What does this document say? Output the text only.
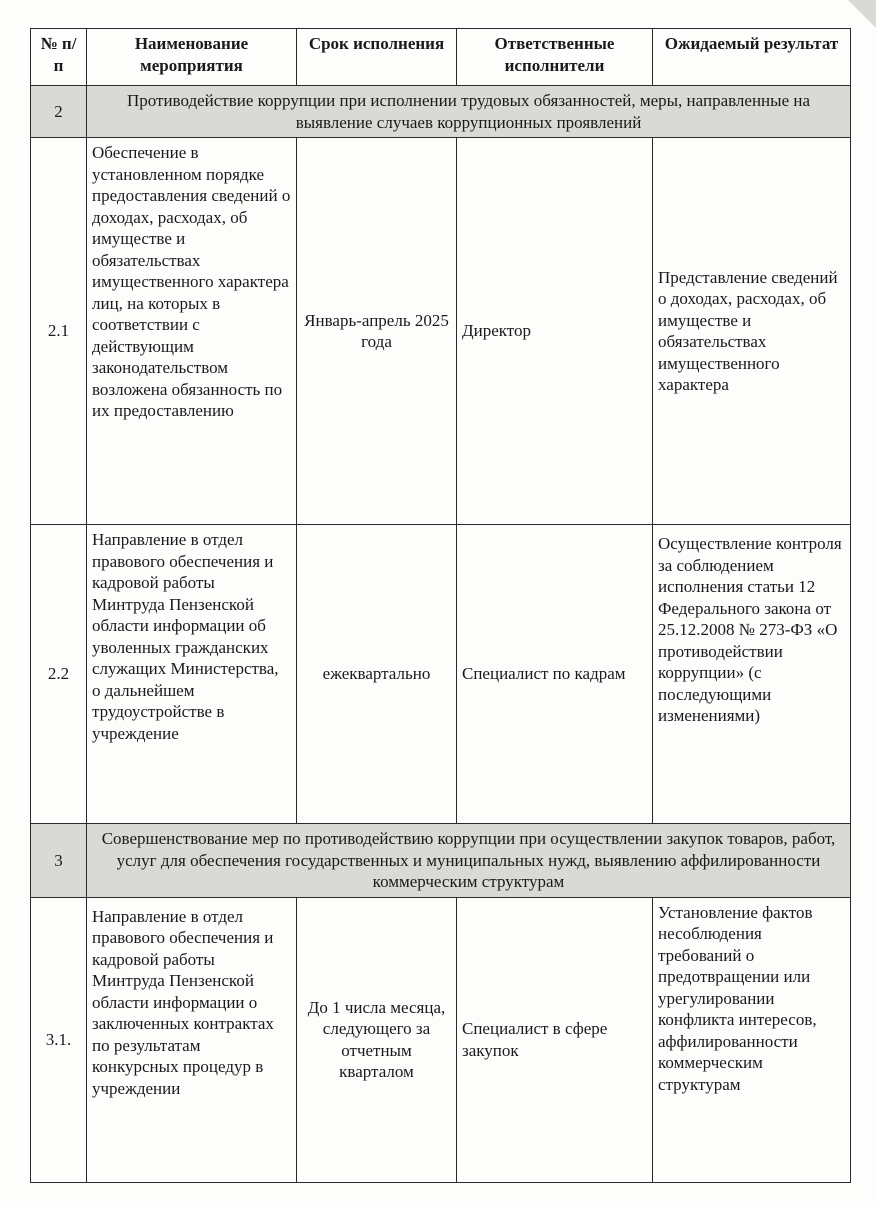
№ п/п	Наименование мероприятия	Срок исполнения	Ответственные исполнители	Ожидаемый результат
2	Противодействие коррупции при исполнении трудовых обязанностей, меры, направленные на выявление случаев коррупционных проявлений			
2.1	Обеспечение в установленном порядке предоставления сведений о доходах, расходах, об имуществе и обязательствах имущественного характера лиц, на которых в соответствии с действующим законодательством возложена обязанность по их предоставлению	Январь-апрель 2025 года	Директор	Представление сведений о доходах, расходах, об имуществе и обязательствах имущественного характера
2.2	Направление в отдел правового обеспечения и кадровой работы Минтруда Пензенской области информации об уволенных гражданских служащих Министерства, о дальнейшем трудоустройстве в учреждение	ежеквартально	Специалист по кадрам	Осуществление контроля за соблюдением исполнения статьи 12 Федерального закона от 25.12.2008 № 273-ФЗ «О противодействии коррупции» (с последующими изменениями)
3	Совершенствование мер по противодействию коррупции при осуществлении закупок товаров, работ, услуг для обеспечения государственных и муниципальных нужд, выявлению аффилированности коммерческим структурам			
3.1.	Направление в отдел правового обеспечения и кадровой работы Минтруда Пензенской области информации о заключенных контрактах по результатам конкурсных процедур в учреждении	До 1 числа месяца, следующего за отчетным кварталом	Специалист в сфере закупок	Установление фактов несоблюдения требований о предотвращении или урегулировании конфликта интересов, аффилированности коммерческим структурам
